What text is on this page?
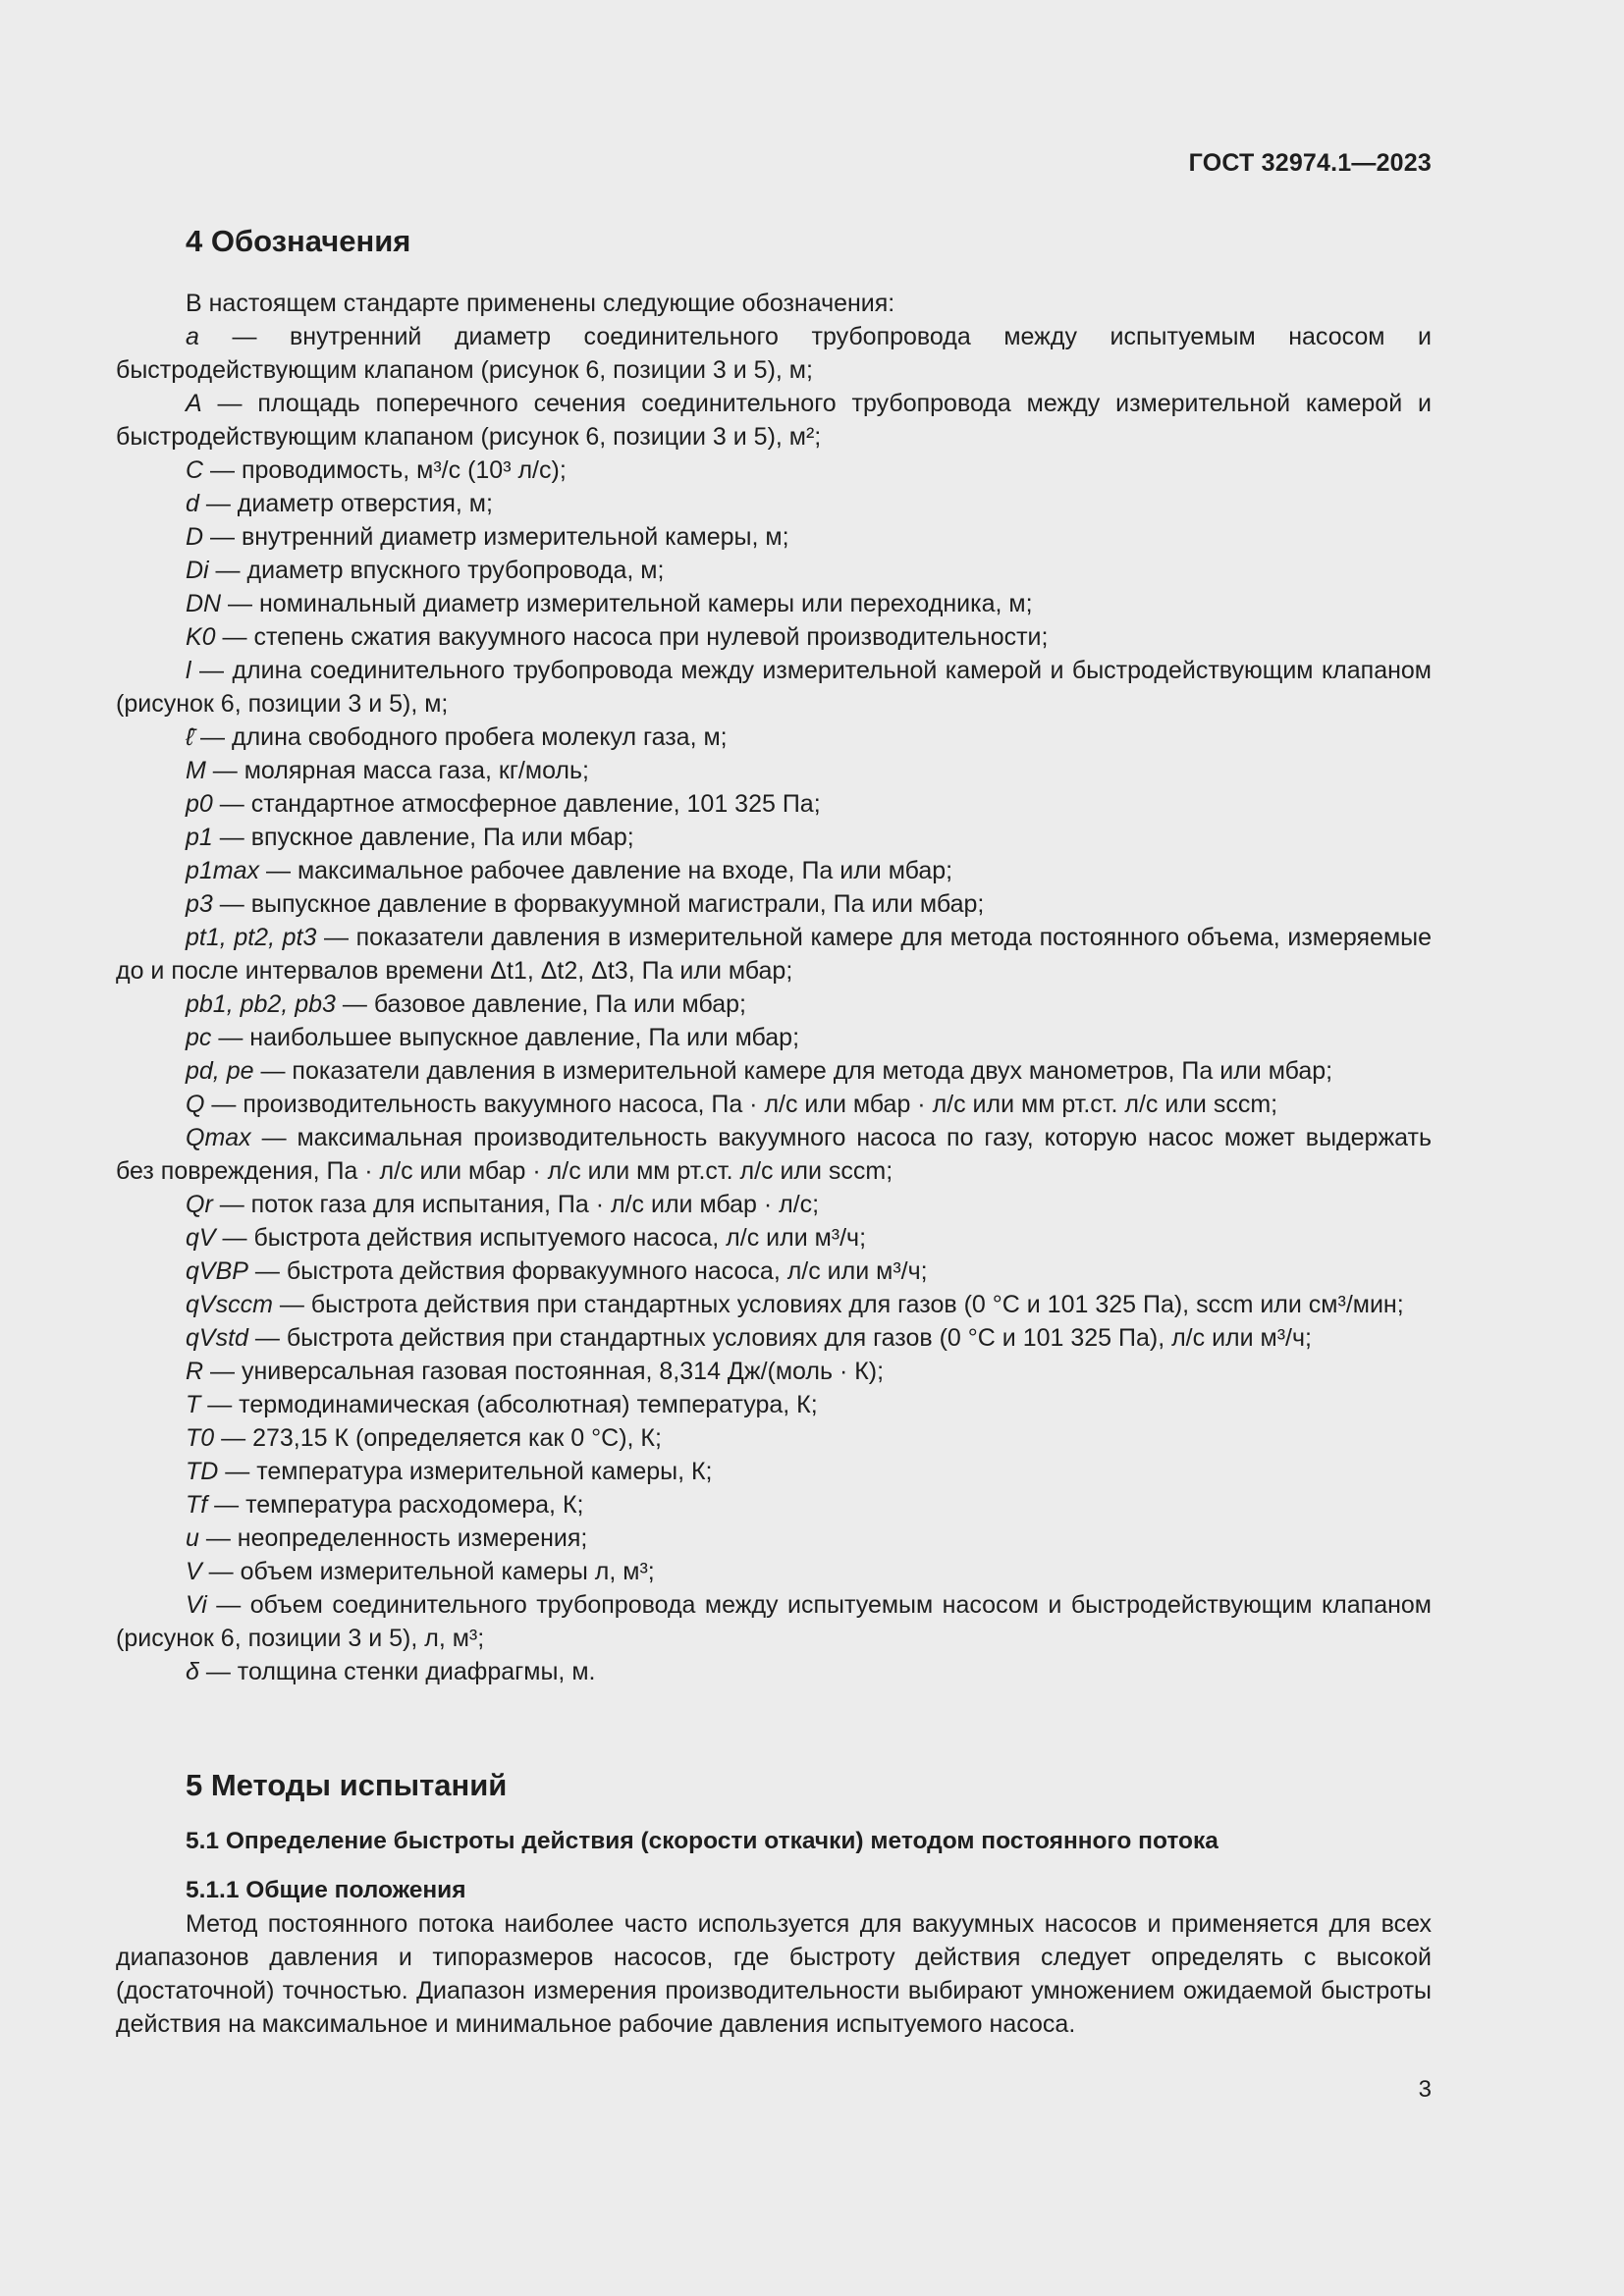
ГОСТ 32974.1—2023
4 Обозначения

В настоящем стандарте применены следующие обозначения:

a — внутренний диаметр соединительного трубопровода между испытуемым насосом и быстродействующим клапаном (рисунок 6, позиции 3 и 5), м;

A — площадь поперечного сечения соединительного трубопровода между измерительной камерой и быстродействующим клапаном (рисунок 6, позиции 3 и 5), м²;

C — проводимость, м³/с (10³ л/с);

d — диаметр отверстия, м;

D — внутренний диаметр измерительной камеры, м;

Di — диаметр впускного трубопровода, м;

DN — номинальный диаметр измерительной камеры или переходника, м;

K0 — степень сжатия вакуумного насоса при нулевой производительности;

l — длина соединительного трубопровода между измерительной камерой и быстродействующим клапаном (рисунок 6, позиции 3 и 5), м;

ℓ̄ — длина свободного пробега молекул газа, м;

M — молярная масса газа, кг/моль;

p0 — стандартное атмосферное давление, 101 325 Па;

p1 — впускное давление, Па или мбар;

p1max — максимальное рабочее давление на входе, Па или мбар;

p3 — выпускное давление в форвакуумной магистрали, Па или мбар;

pt1, pt2, pt3 — показатели давления в измерительной камере для метода постоянного объема, измеряемые до и после интервалов времени Δt1, Δt2, Δt3, Па или мбар;

pb1, pb2, pb3 — базовое давление, Па или мбар;

pc — наибольшее выпускное давление, Па или мбар;

pd, pe — показатели давления в измерительной камере для метода двух манометров, Па или мбар;

Q — производительность вакуумного насоса, Па · л/с или мбар · л/с или мм рт.ст. л/с или sccm;

Qmax — максимальная производительность вакуумного насоса по газу, которую насос может выдержать без повреждения, Па · л/с или мбар · л/с или мм рт.ст. л/с или sccm;

Qr — поток газа для испытания, Па · л/с или мбар · л/с;

qV — быстрота действия испытуемого насоса, л/с или м³/ч;

qVBP — быстрота действия форвакуумного насоса, л/с или м³/ч;

qVsccm — быстрота действия при стандартных условиях для газов (0 °С и 101 325 Па), sccm или см³/мин;

qVstd — быстрота действия при стандартных условиях для газов (0 °С и 101 325 Па), л/с или м³/ч;

R — универсальная газовая постоянная, 8,314 Дж/(моль · К);

T — термодинамическая (абсолютная) температура, К;

T0 — 273,15 К (определяется как 0 °С), К;

TD — температура измерительной камеры, К;

Tf — температура расходомера, К;

u — неопределенность измерения;

V — объем измерительной камеры л, м³;

Vi — объем соединительного трубопровода между испытуемым насосом и быстродействующим клапаном (рисунок 6, позиции 3 и 5), л, м³;

δ — толщина стенки диафрагмы, м.

5 Методы испытаний
5.1 Определение быстроты действия (скорости откачки) методом постоянного потока
5.1.1 Общие положения

Метод постоянного потока наиболее часто используется для вакуумных насосов и применяется для всех диапазонов давления и типоразмеров насосов, где быстроту действия следует определять с высокой (достаточной) точностью. Диапазон измерения производительности выбирают умножением ожидаемой быстроты действия на максимальное и минимальное рабочие давления испытуемого насоса.

3
